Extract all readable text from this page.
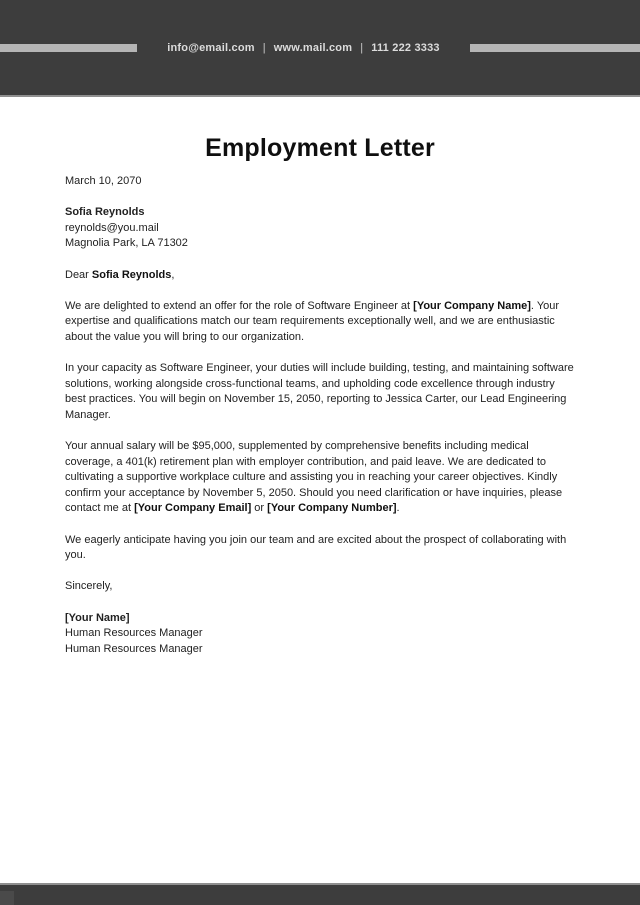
info@email.com | www.mail.com | 111 222 3333
Employment Letter

March 10, 2070

Sofia Reynolds
reynolds@you.mail
Magnolia Park, LA 71302

Dear Sofia Reynolds,

We are delighted to extend an offer for the role of Software Engineer at [Your Company Name]. Your expertise and qualifications match our team requirements exceptionally well, and we are enthusiastic about the value you will bring to our organization.

In your capacity as Software Engineer, your duties will include building, testing, and maintaining software solutions, working alongside cross-functional teams, and upholding code excellence through industry best practices. You will begin on November 15, 2050, reporting to Jessica Carter, our Lead Engineering Manager.

Your annual salary will be $95,000, supplemented by comprehensive benefits including medical coverage, a 401(k) retirement plan with employer contribution, and paid leave. We are dedicated to cultivating a supportive workplace culture and assisting you in reaching your career objectives. Kindly confirm your acceptance by November 5, 2050. Should you need clarification or have inquiries, please contact me at [Your Company Email] or [Your Company Number].

We eagerly anticipate having you join our team and are excited about the prospect of collaborating with you.

Sincerely,

[Your Name]
Human Resources Manager
Human Resources Manager
